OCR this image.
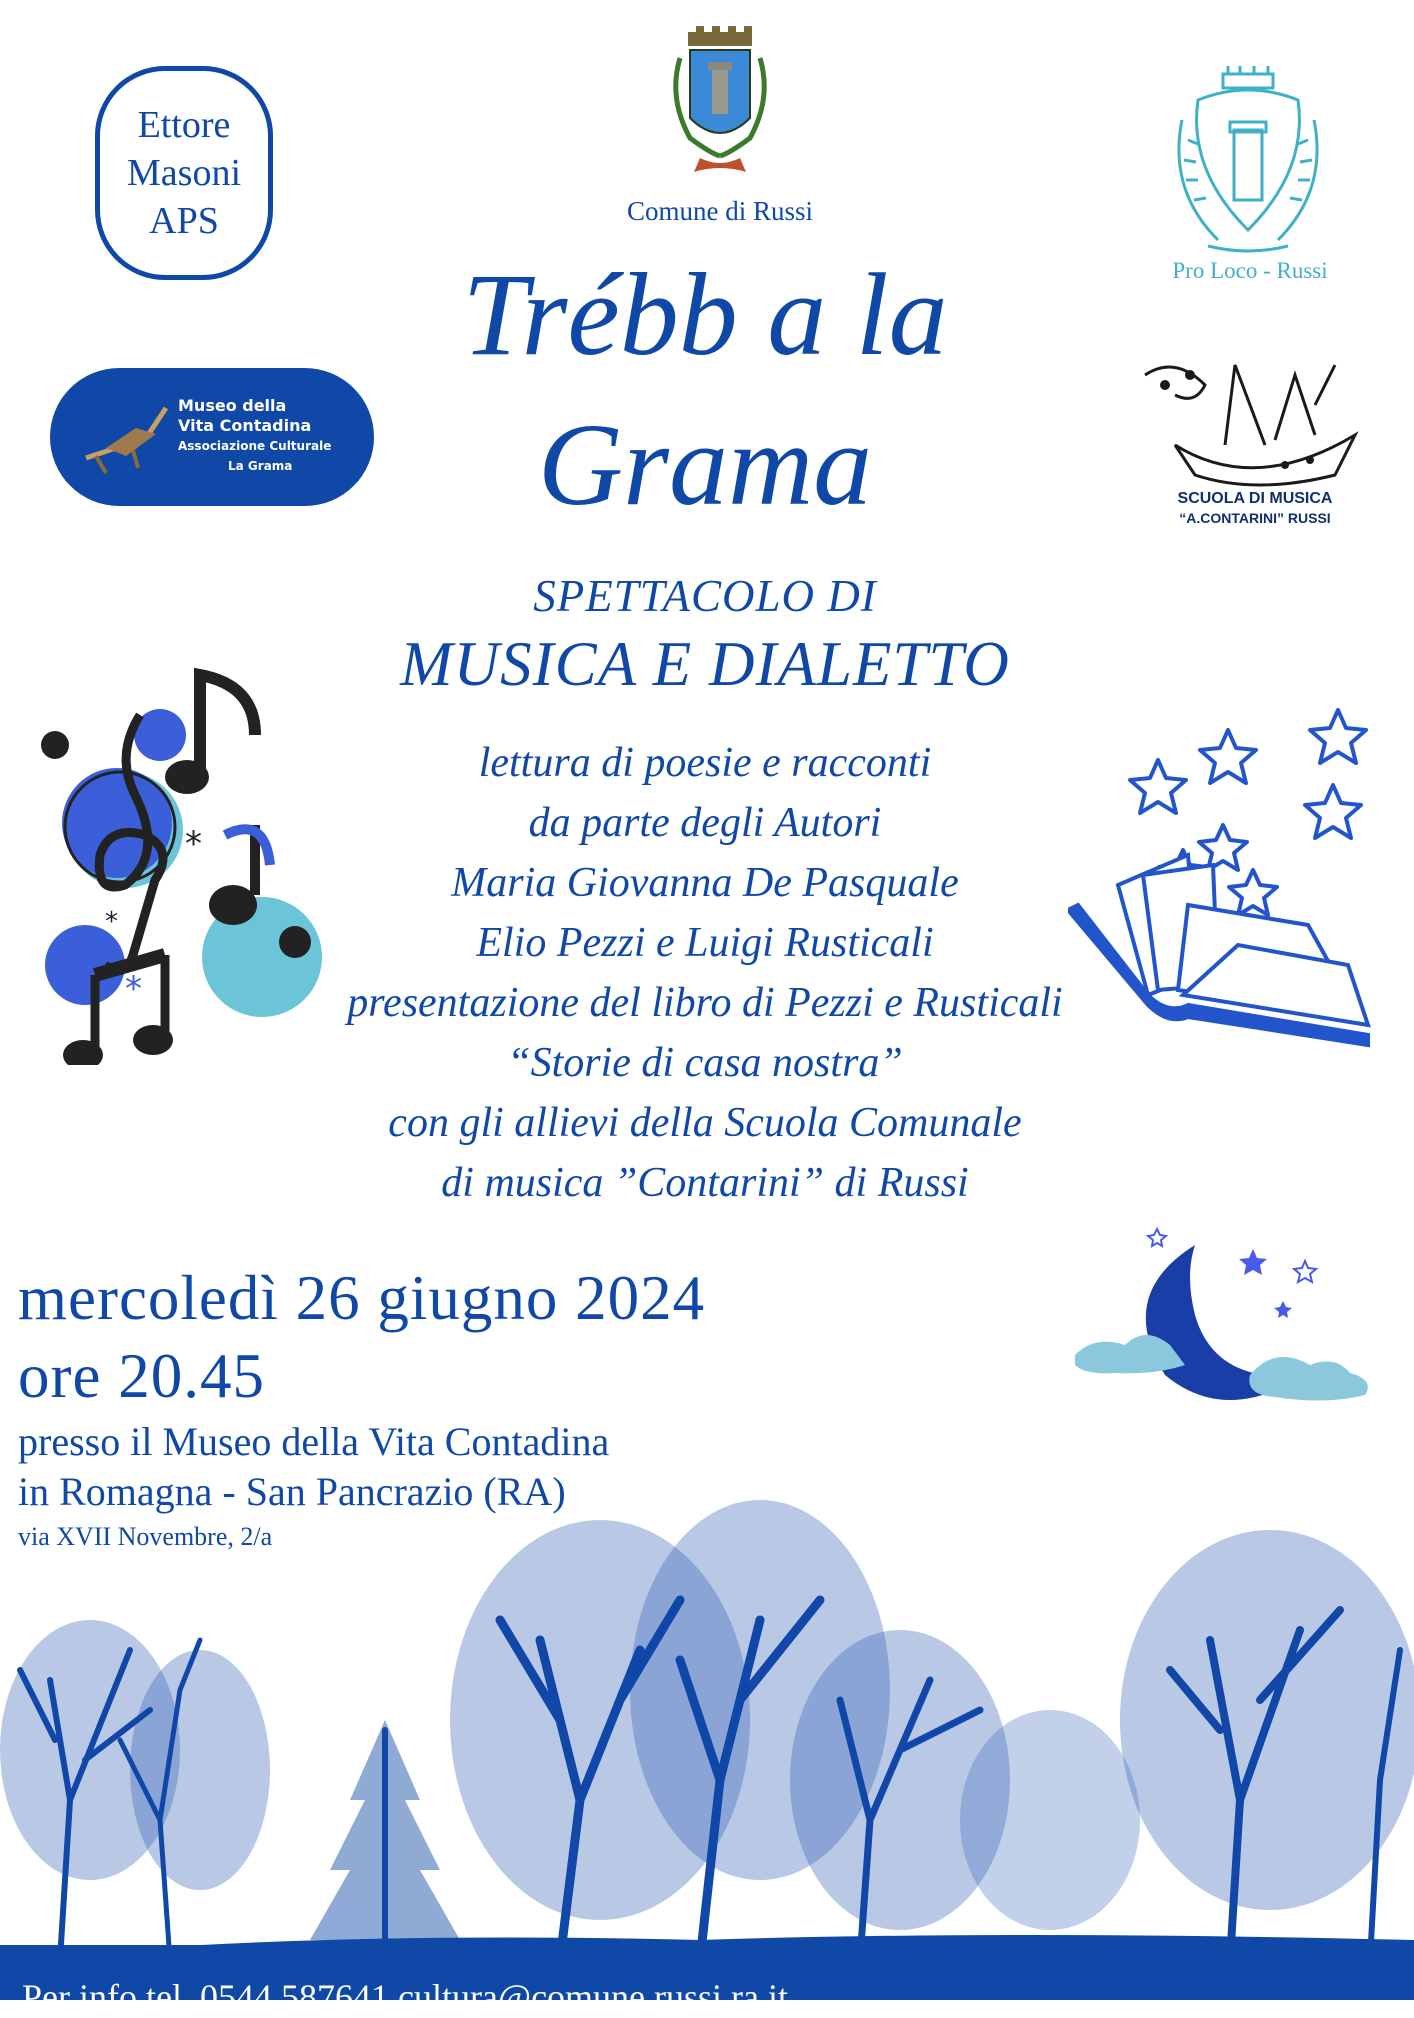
Ettore
Masoni
APS	Comune di Russi
Pro Loco - Russi
Museo della
Vita Contadina
Associazione Culturale
La Grama
SCUOLA DI MUSICA
“A.CONTARINI” RUSSI
Trébb a la
Grama
SPETTACOLO DI
MUSICA E DIALETTO
lettura di poesie e racconti
da parte degli Autori
Maria Giovanna De Pasquale
Elio Pezzi e Luigi Rusticali
presentazione del libro di Pezzi e Rusticali
“Storie di casa nostra”
con gli allievi della Scuola Comunale
di musica ”Contarini” di Russi
*
*
*
mercoledì 26 giugno 2024
ore 20.45
presso il Museo della Vita Contadina
in Romagna - San Pancrazio (RA)
via XVII Novembre, 2/a
Per info tel. 0544 587641 cultura@comune.russi.ra.it
